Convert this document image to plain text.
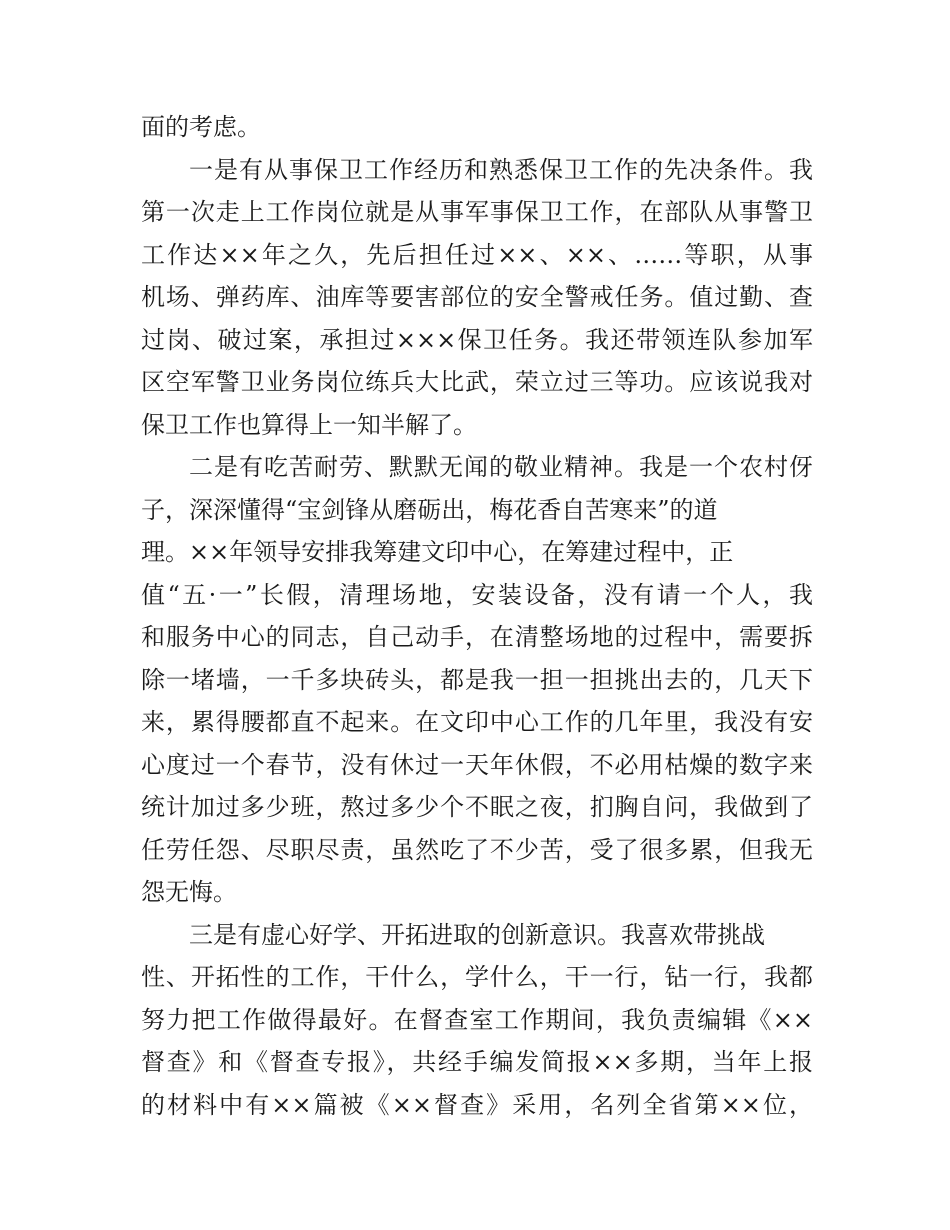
面的考虑。
一是有从事保卫工作经历和熟悉保卫工作的先决条件。我
第一次走上工作岗位就是从事军事保卫工作，在部队从事警卫
工作达××年之久，先后担任过××、××、……等职，从事
机场、弹药库、油库等要害部位的安全警戒任务。值过勤、查
过岗、破过案，承担过×××保卫任务。我还带领连队参加军
区空军警卫业务岗位练兵大比武，荣立过三等功。应该说我对
保卫工作也算得上一知半解了。
二是有吃苦耐劳、默默无闻的敬业精神。我是一个农村伢
子，深深懂得“宝剑锋从磨砺出，梅花香自苦寒来”的道
理。××年领导安排我筹建文印中心，在筹建过程中，正
值“五·一”长假，清理场地，安装设备，没有请一个人，我
和服务中心的同志，自己动手，在清整场地的过程中，需要拆
除一堵墙，一千多块砖头，都是我一担一担挑出去的，几天下
来，累得腰都直不起来。在文印中心工作的几年里，我没有安
心度过一个春节，没有休过一天年休假，不必用枯燥的数字来
统计加过多少班，熬过多少个不眠之夜，扪胸自问，我做到了
任劳任怨、尽职尽责，虽然吃了不少苦，受了很多累，但我无
怨无悔。
三是有虚心好学、开拓进取的创新意识。我喜欢带挑战
性、开拓性的工作，干什么，学什么，干一行，钻一行，我都
努力把工作做得最好。在督查室工作期间，我负责编辑《××
督查》和《督查专报》，共经手编发简报××多期，当年上报
的材料中有××篇被《××督查》采用，名列全省第××位，
